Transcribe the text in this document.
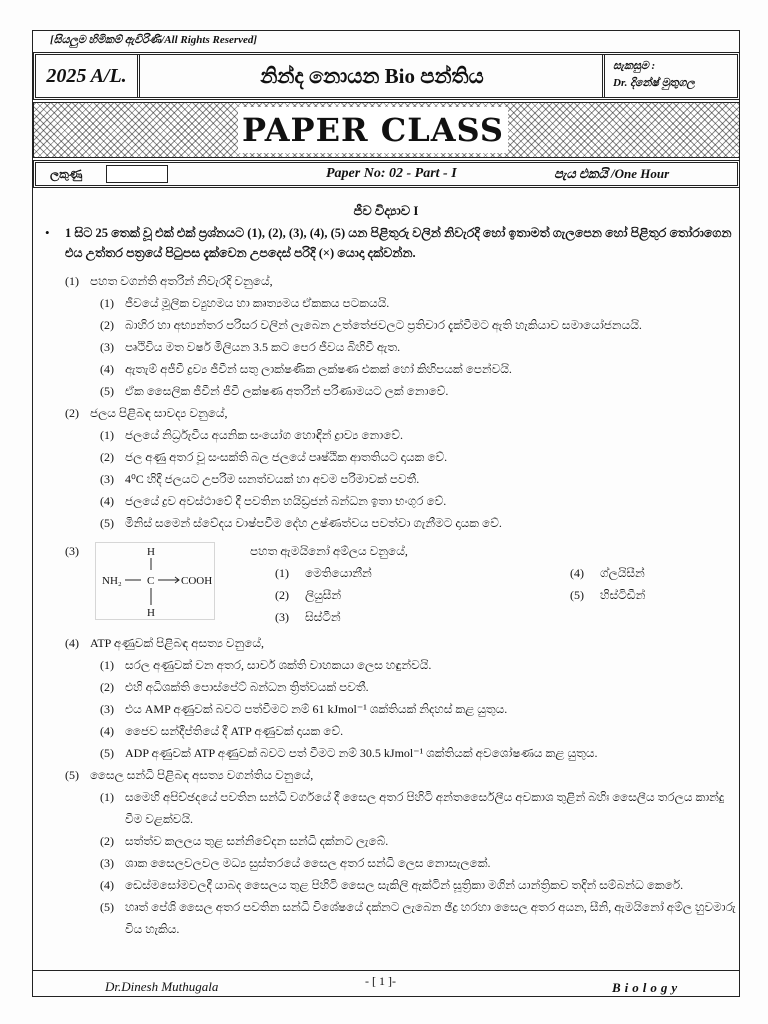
[සියලුම හිමිකම් ඇවිරිණි/All Rights Reserved]
2025 A/L.	නින්ද නොයන Bio පන්තිය	සැකසුම :
Dr. දිනේෂ් මුතුගල
PAPER CLASS
ලකුණු	Paper No: 02 - Part - I	පැය එකයි /One Hour
ජීව විද්‍යාව I
• 1 සිට 25 තෙක් වූ එක් එක් ප්‍රශ්නයට (1), (2), (3), (4), (5) යන පිළිතුරු වලින් නිවැරදි හෝ ඉතාමත් ගැලපෙන හෝ පිළිතුර තෝරාගෙන එය උත්තර පත්‍රයේ පිටුපස දැක්වෙන උපදෙස් පරිදි (×) යොදා දක්වන්න.
(1) පහත වගන්ති අතරින් නිවැරදි වනුයේ,
(1) ජීවයේ මූලික ව්‍යුහමය හා කෘත්‍යමය ඒකකය පටකයයි.
(2) බාහිර හා අභ්‍යන්තර පරිසර වලින් ලැබෙන උත්තේජවලට ප්‍රතිචාර දැක්වීමට ඇති හැකියාව සමායෝජනයයි.
(3) පෘථිවිය මත වර්ෂ මිලියන 3.5 කට පෙර ජීවය බිහිවී ඇත.
(4) ඇතැම් අජීවී ද්‍රව්‍ය ජීවීන් සතු ලාක්ෂණික ලක්ෂණ එකක් හෝ කිහිපයක් පෙන්වයි.
(5) ඒක සෛලික ජීවීන් ජීවී ලක්ෂණ අතරින් පරිණාමයට ලක් නොවේ.
(2) ජලය පිළිබඳ සාවද්‍ය වනුයේ,
(1) ජලයේ නිර්ධ්‍රැවීය අයනික සංයෝග හොඳින් ද්‍රාව්‍ය නොවේ.
(2) ජල අණු අතර වූ සංසක්ති බල ජලයේ පෘෂ්ඨික ආතතියට දායක වේ.
(3) 4⁰C හිදී ජලයට උපරිම ඝනත්වයක් හා අවම පරිමාවක් පවතී.
(4) ජලයේ ද්‍රව අවස්ථාවේ දී පවතින හයිඩ්‍රජන් බන්ධන ඉතා භංගුර වේ.
(5) මිනිස් සමෙන් ස්වේදය වාෂ්පවීම දේහ උෂ්ණත්වය පවත්වා ගැනීමට දායක වේ.
(3)	H
NH₂ C COOH
H
පහත ඇමයිනෝ අම්ලය වනුයේ,
(1)	මෙතියොනීන්
(2)	ලියුසීන්
(3)	සිස්ටීන්
(4)	ග්ලයිසීන්
(5)	හිස්ටිඩීන්
(4) ATP අණුවක් පිළිබඳ අසත්‍ය වනුයේ,
(1) සරල අණුවක් වන අතර, සාර්ව ශක්ති වාහකයා ලෙස හඳුන්වයි.
(2) එහි අධිශක්ති පොස්පේට් බන්ධන ත්‍රිත්වයක් පවතී.
(3) එය AMP අණුවක් බවට පත්වීමට නම් 61 kJmol⁻¹ ශක්තියක් නිදහස් කළ යුතුය.
(4) ජෛව සන්දීප්තියේ දී ATP අණුවක් දායක වේ.
(5) ADP අණුවක් ATP අණුවක් බවට පත් වීමට නම් 30.5 kJmol⁻¹ ශක්තියක් අවශෝෂණය කළ යුතුය.
(5) සෛල සන්ධි පිළිබඳ අසත්‍ය වගන්තිය වනුයේ,
(1) සමෙහි අපිච්ඡදයේ පවතින සන්ධි වර්ගයේ දී සෛල අතර පිහිටි අන්තර්සෛලීය අවකාශ තුළින් බහිඃ සෛලීය තරලය කාන්දු වීම වළක්වයි.
(2) සත්ත්ව කලලය තුළ සන්නිවේදන සන්ධි දක්නට ලැබේ.
(3) ශාක සෛලවලවල මධ්‍ය සුස්තරයේ සෛල අතර සන්ධි ලෙස නොසැලකේ.
(4) ඩෙස්මසෝමවලදී යාබද සෛලය තුළ පිහිටි සෛල සැකිලි ඇක්ටින් සූත්‍රිකා මගින් යාන්ත්‍රිකව තදින් සම්බන්ධ කෙරේ.
(5) හෘත් පේශි සෛල අතර පවතින සන්ධි විශේෂයේ දක්නට ලැබෙන ඡිද්‍ර හරහා සෛල අතර අයන, සීනි, ඇමයිනෝ අම්ල හුවමාරු විය හැකිය.
Dr.Dinesh Muthugala	- [ 1 ]-	Biology
